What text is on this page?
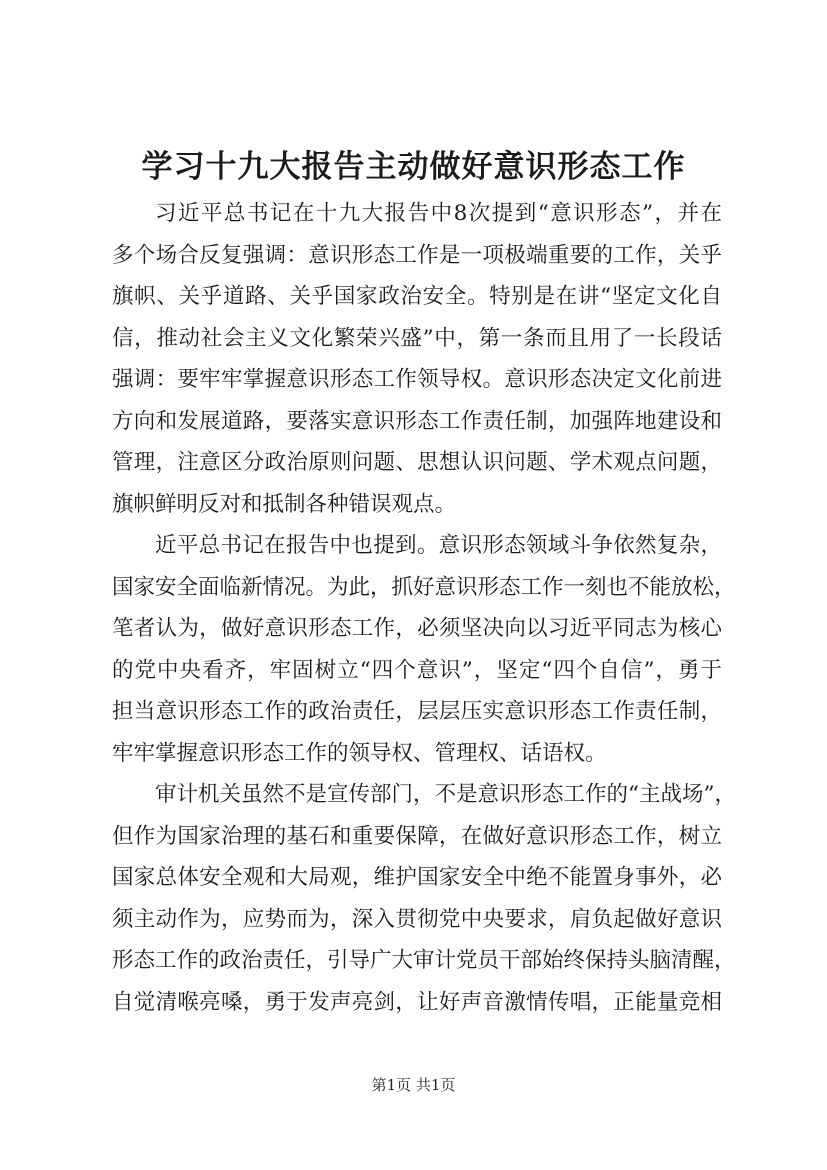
学习十九大报告主动做好意识形态工作
习近平总书记在十九大报告中8次提到“意识形态”，并在
多个场合反复强调：意识形态工作是一项极端重要的工作，关乎
旗帜、关乎道路、关乎国家政治安全。特别是在讲“坚定文化自
信，推动社会主义文化繁荣兴盛”中，第一条而且用了一长段话
强调：要牢牢掌握意识形态工作领导权。意识形态决定文化前进
方向和发展道路，要落实意识形态工作责任制，加强阵地建设和
管理，注意区分政治原则问题、思想认识问题、学术观点问题，
旗帜鲜明反对和抵制各种错误观点。
近平总书记在报告中也提到。意识形态领域斗争依然复杂，
国家安全面临新情况。为此，抓好意识形态工作一刻也不能放松，
笔者认为，做好意识形态工作，必须坚决向以习近平同志为核心
的党中央看齐，牢固树立“四个意识”，坚定“四个自信”，勇于
担当意识形态工作的政治责任，层层压实意识形态工作责任制，
牢牢掌握意识形态工作的领导权、管理权、话语权。
审计机关虽然不是宣传部门，不是意识形态工作的“主战场”，
但作为国家治理的基石和重要保障，在做好意识形态工作，树立
国家总体安全观和大局观，维护国家安全中绝不能置身事外，必
须主动作为，应势而为，深入贯彻党中央要求，肩负起做好意识
形态工作的政治责任，引导广大审计党员干部始终保持头脑清醒，
自觉清喉亮嗓，勇于发声亮剑，让好声音激情传唱，正能量竞相
第1页 共1页
